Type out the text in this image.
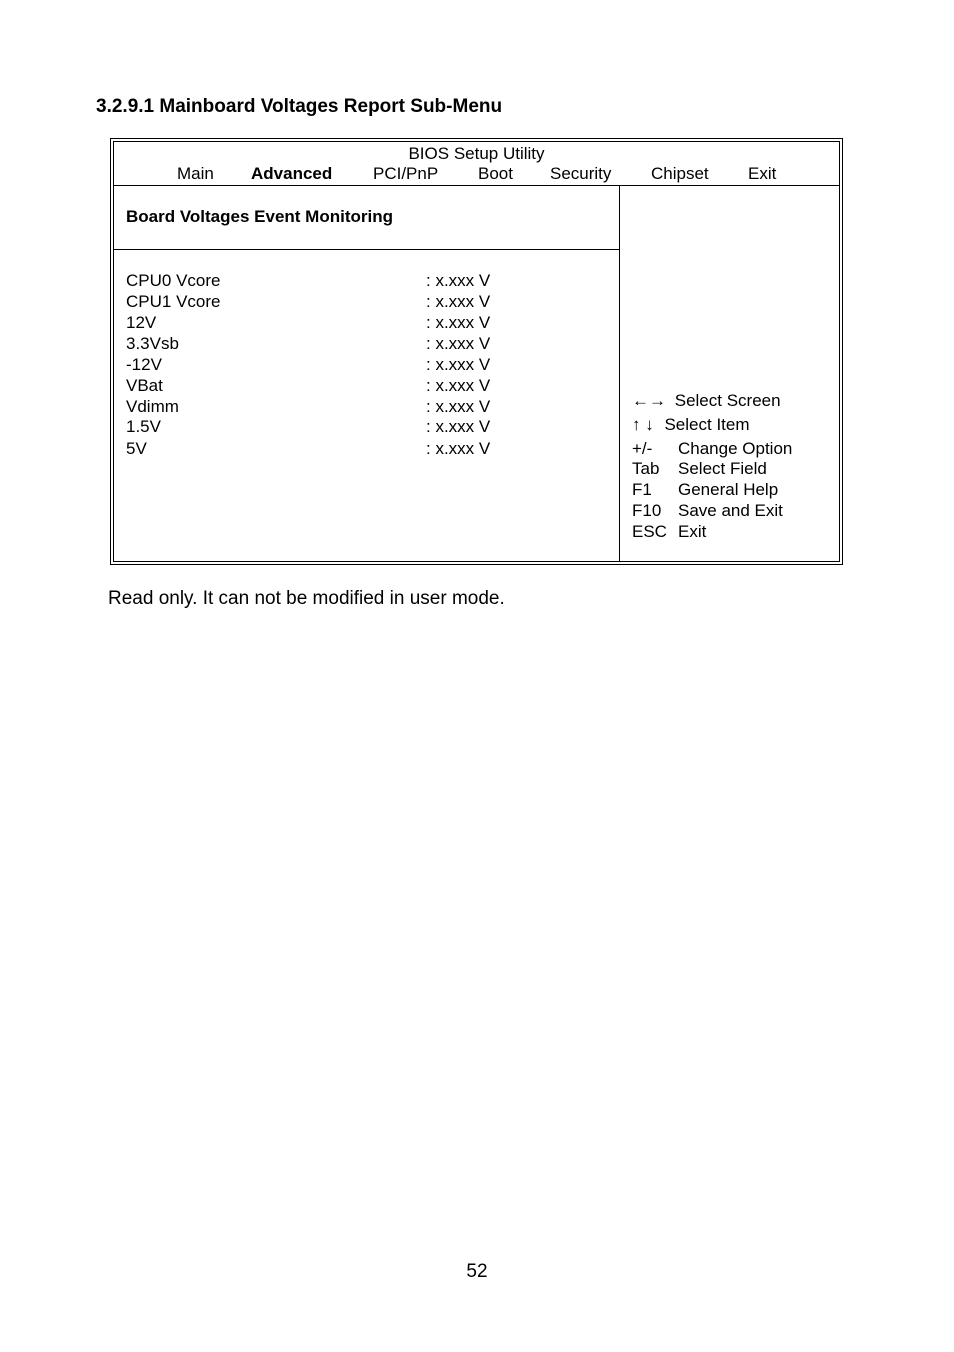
3.2.9.1 Mainboard Voltages Report Sub-Menu
BIOS Setup Utility
Main Advanced PCI/PnP Boot Security Chipset Exit
Board Voltages Event Monitoring
CPU0 Vcore	: x.xxx V
CPU1 Vcore	: x.xxx V
12V	: x.xxx V
3.3Vsb	: x.xxx V
-12V	: x.xxx V
VBat	: x.xxx V
Vdimm	: x.xxx V
1.5V	: x.xxx V
5V	: x.xxx V
←→ Select Screen
↑ ↓ Select Item
+/- Change Option
Tab Select Field
F1 General Help
F10 Save and Exit
ESC Exit

Read only. It can not be modified in user mode.

52
